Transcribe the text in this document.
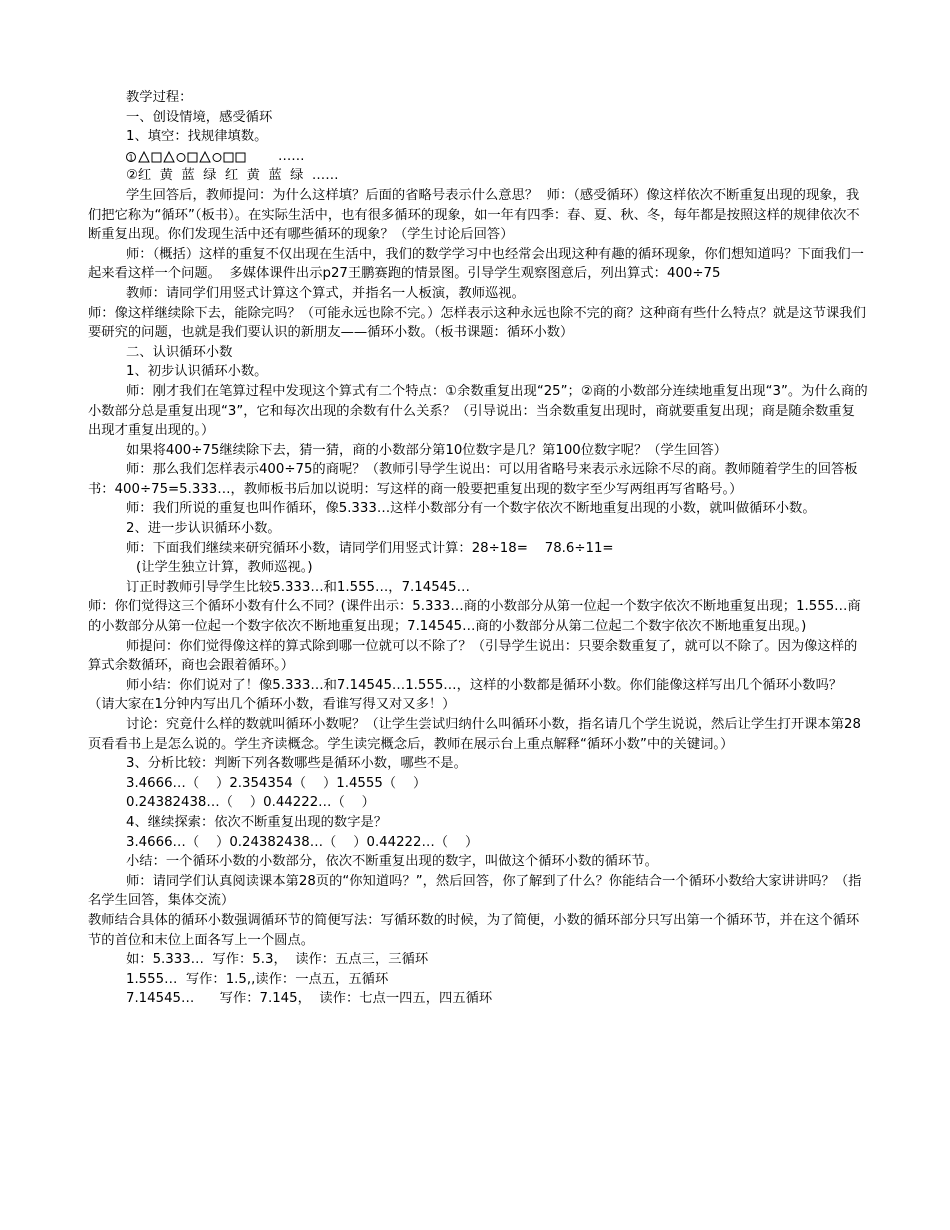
教学过程：

一、创设情境，感受循环

1、填空：找规律填数。

1	……

②红  黄  蓝  绿  红  黄  蓝  绿  ……

学生回答后，教师提问：为什么这样填？后面的省略号表示什么意思？  师：（感受循环）像这样依次不断重复出现的现象，我们把它称为“循环”（板书）。在实际生活中，也有很多循环的现象，如一年有四季：春、夏、秋、冬，每年都是按照这样的规律依次不断重复出现。你们发现生活中还有哪些循环的现象？（学生讨论后回答）

师：（概括）这样的重复不仅出现在生活中，我们的数学学习中也经常会出现这种有趣的循环现象，你们想知道吗？下面我们一起来看这样一个问题。  多媒体课件出示p27王鹏赛跑的情景图。引导学生观察图意后，列出算式：400÷75

教师：请同学们用竖式计算这个算式，并指名一人板演，教师巡视。

师：像这样继续除下去，能除完吗？（可能永远也除不完。）怎样表示这种永远也除不完的商？这种商有些什么特点？就是这节课我们要研究的问题，也就是我们要认识的新朋友——循环小数。（板书课题：循环小数）

二、认识循环小数

1、初步认识循环小数。

师：刚才我们在笔算过程中发现这个算式有二个特点：①余数重复出现“25”；②商的小数部分连续地重复出现“3”。为什么商的小数部分总是重复出现“3”，它和每次出现的余数有什么关系？（引导说出：当余数重复出现时，商就要重复出现；商是随余数重复出现才重复出现的。）

如果将400÷75继续除下去，猜一猜，商的小数部分第10位数字是几？第100位数字呢？（学生回答）

师：那么我们怎样表示400÷75的商呢？（教师引导学生说出：可以用省略号来表示永远除不尽的商。教师随着学生的回答板书：400÷75=5.333…，教师板书后加以说明：写这样的商一般要把重复出现的数字至少写两组再写省略号。）

师：我们所说的重复也叫作循环，像5.333…这样小数部分有一个数字依次不断地重复出现的小数，就叫做循环小数。

2、进一步认识循环小数。

师：下面我们继续来研究循环小数，请同学们用竖式计算：28÷18=    78.6÷11=

(让学生独立计算，教师巡视。)

订正时教师引导学生比较5.333…和1.555…，7.14545…

师：你们觉得这三个循环小数有什么不同？(课件出示：5.333…商的小数部分从第一位起一个数字依次不断地重复出现；1.555…商的小数部分从第一位起一个数字依次不断地重复出现；7.14545…商的小数部分从第二位起二个数字依次不断地重复出现。)

师提问：你们觉得像这样的算式除到哪一位就可以不除了？（引导学生说出：只要余数重复了，就可以不除了。因为像这样的算式余数循环，商也会跟着循环。）

师小结：你们说对了！像5.333…和7.14545…1.555…，这样的小数都是循环小数。你们能像这样写出几个循环小数吗？（请大家在1分钟内写出几个循环小数，看谁写得又对又多！）

讨论：究竟什么样的数就叫循环小数呢？（让学生尝试归纳什么叫循环小数，指名请几个学生说说，然后让学生打开课本第28页看看书上是怎么说的。学生齐读概念。学生读完概念后，教师在展示台上重点解释“循环小数”中的关键词。）

3、分析比较：判断下列各数哪些是循环小数，哪些不是。

3.4666…（    ）2.354354（    ）1.4555（    ）

0.24382438…（    ）0.44222…（    ）

4、继续探索：依次不断重复出现的数字是？

3.4666…（    ）0.24382438…（    ）0.44222…（    ）

小结：一个循环小数的小数部分，依次不断重复出现的数字，叫做这个循环小数的循环节。

师：请同学们认真阅读课本第28页的“你知道吗？”，然后回答，你了解到了什么？你能结合一个循环小数给大家讲讲吗？（指名学生回答，集体交流）

教师结合具体的循环小数强调循环节的简便写法：写循环数的时候，为了简便，小数的循环部分只写出第一个循环节，并在这个循环节的首位和末位上面各写上一个圆点。

如：5.333…  写作：5.3，  读作：五点三，三循环

1.555…  写作：1.5,,读作：一点五，五循环

7.14545…      写作：7.145，  读作：七点一四五，四五循环
